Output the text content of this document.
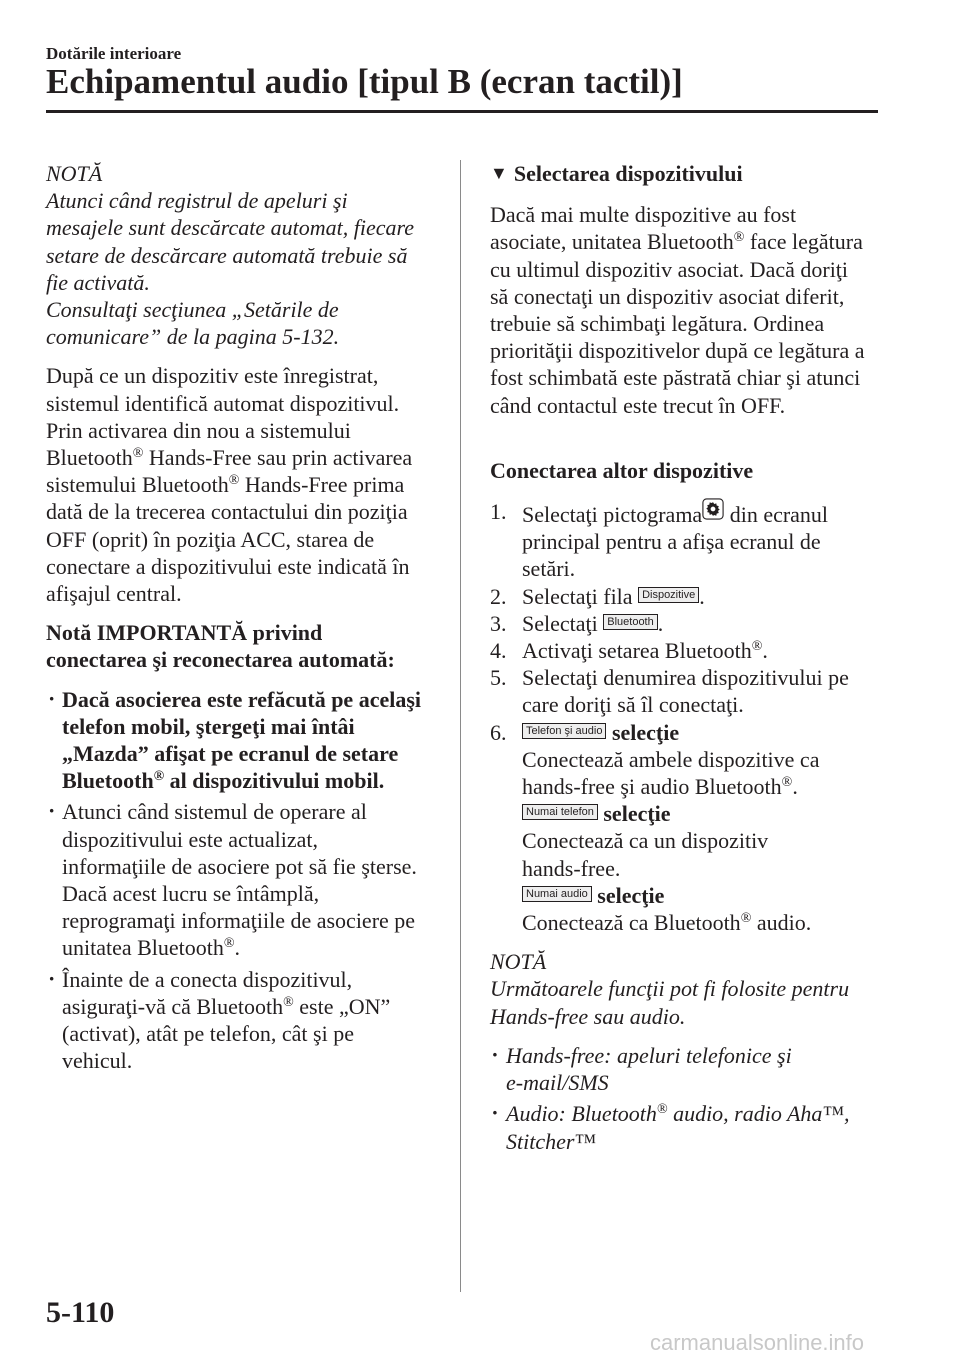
Dotările interioare
Echipamentul audio [tipul B (ecran tactil)]

NOTĂ

Atunci când registrul de apeluri şi

mesajele sunt descărcate automat, fiecare

setare de descărcare automată trebuie să

fie activată.

Consultaţi secţiunea „Setările de

comunicare” de la pagina 5-132.

După ce un dispozitiv este înregistrat,

sistemul identifică automat dispozitivul.

Prin activarea din nou a sistemului

Bluetooth® Hands-Free sau prin activarea

sistemului Bluetooth® Hands-Free prima

dată de la trecerea contactului din poziţia

OFF (oprit) în poziţia ACC, starea de

conectare a dispozitivului este indicată în

afişajul central.

Notă IMPORTANTĂ privind

conectarea şi reconectarea automată:

· Dacă asocierea este refăcută pe acelaşi

telefon mobil, ştergeţi mai întâi

„Mazda” afişat pe ecranul de setare

Bluetooth® al dispozitivului mobil.

· Atunci când sistemul de operare al

dispozitivului este actualizat,

informaţiile de asociere pot să fie şterse.

Dacă acest lucru se întâmplă,

reprogramaţi informaţiile de asociere pe

unitatea Bluetooth®.

· Înainte de a conecta dispozitivul,

asiguraţi-vă că Bluetooth® este „ON”

(activat), atât pe telefon, cât şi pe

vehicul.

▼ Selectarea dispozitivului

Dacă mai multe dispozitive au fost

asociate, unitatea Bluetooth® face legătura

cu ultimul dispozitiv asociat. Dacă doriţi

să conectaţi un dispozitiv asociat diferit,

trebuie să schimbaţi legătura. Ordinea

priorităţii dispozitivelor după ce legătura a

fost schimbată este păstrată chiar şi atunci

când contactul este trecut în OFF.

Conectarea altor dispozitive

1. Selectaţi pictograma din ecranul

principal pentru a afişa ecranul de

setări.

2. Selectaţi fila Dispozitive .

3. Selectaţi Bluetooth .

4. Activaţi setarea Bluetooth®.

5. Selectaţi denumirea dispozitivului pe

care doriţi să îl conectaţi.

6.	Telefon şi audio selecţie

Conectează ambele dispozitive ca

hands-free şi audio Bluetooth®.

Numai telefon selecţie

Conectează ca un dispozitiv

hands-free.

Numai audio selecţie

Conectează ca Bluetooth® audio.

NOTĂ

Următoarele funcţii pot fi folosite pentru

Hands-free sau audio.

· Hands-free: apeluri telefonice şi

e-mail/SMS

· Audio: Bluetooth® audio, radio Aha™,

Stitcher™

5-110
carmanualsonline.info
